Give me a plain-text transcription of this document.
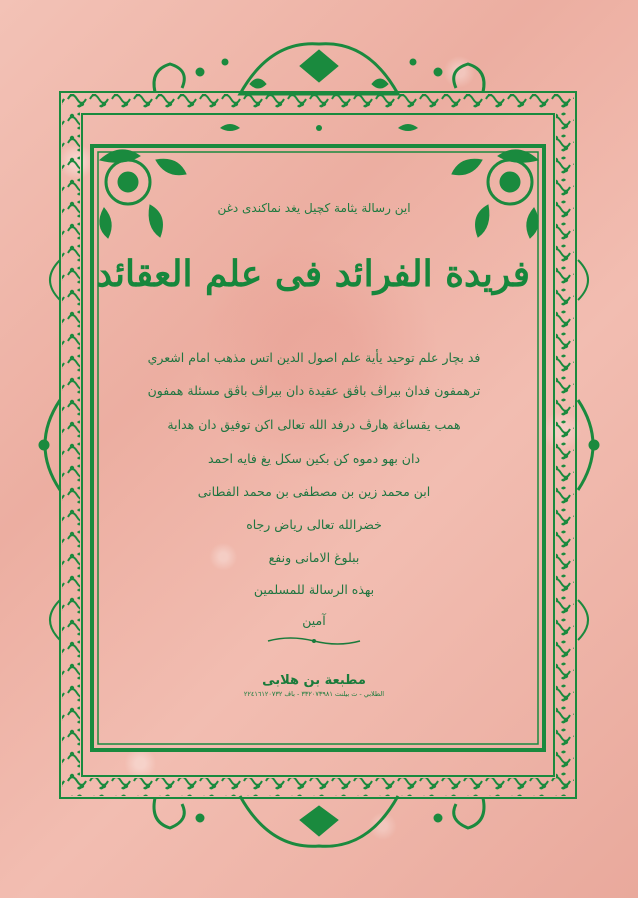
اين رسالة يثامة كچيل يغد نماكندى دغن
فريدة الفرائد فى علم العقائد
فد بچار علم توحيد يأية علم اصول الدين اتس مذهب امام اشعري
ترهمفون فداڽ بيراڤ باڤق عقيدة دان بيراڤ باڤق مسئلة همفون
همب يقساغة هارڤ درفد الله تعالى اكن توفيق دان هداية
دان بهو دموه كن بكين سكل يغ فايه احمد
ابن محمد زين بن مصطفى بن محمد الفطانى
خضرالله تعالى رياض رجاه
ببلوغ الامانى ونفع
بهذه الرسالة للمسلمين
آمين
مطبعة بن هلابى
الطلابي - ت بيلنت ٣٣٢٠٧٣٩٨١ - باڤ ٢٢٤١٦١٢٠٧٣٢
